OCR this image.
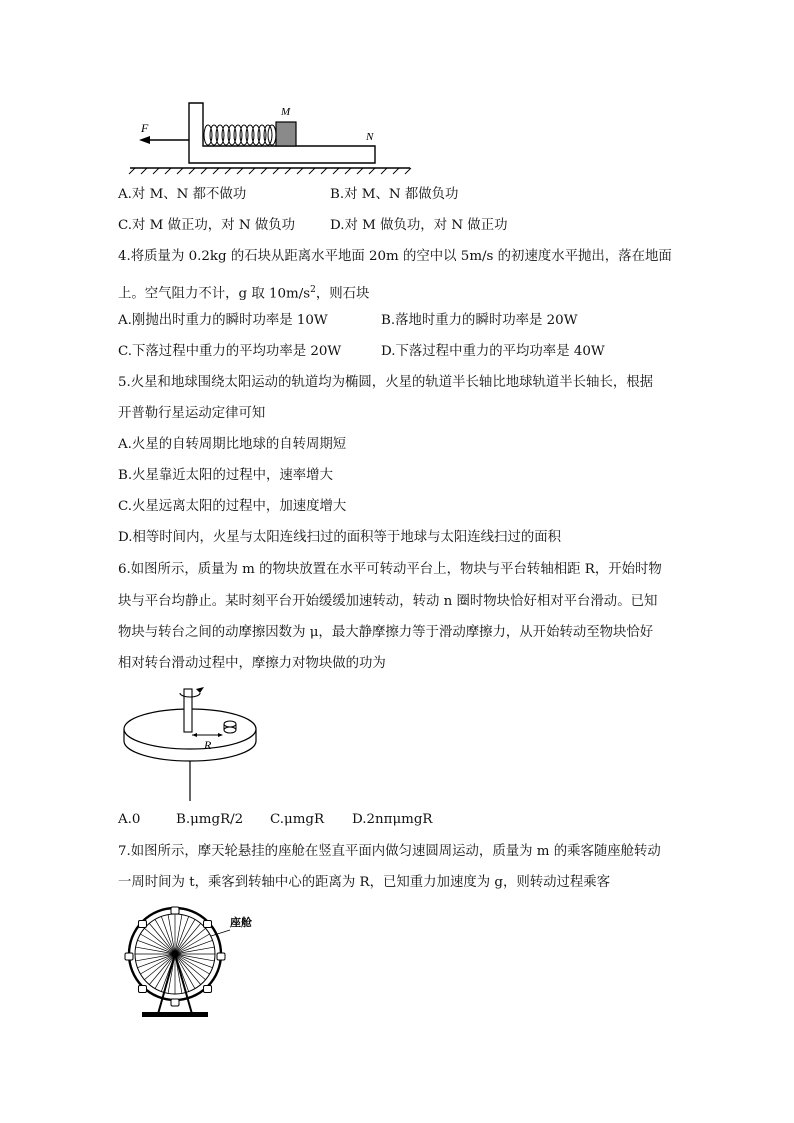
F
M
N
A.对 M、N 都不做功	B.对 M、N 都做负功
C.对 M 做正功，对 N 做负功	D.对 M 做负功，对 N 做正功
4.将质量为 0.2kg 的石块从距离水平地面 20m 的空中以 5m/s 的初速度水平抛出，落在地面
上。空气阻力不计，g 取 $10m/s^2$，则石块
A.刚抛出时重力的瞬时功率是 10W	B.落地时重力的瞬时功率是 20W
C.下落过程中重力的平均功率是 20W	D.下落过程中重力的平均功率是 40W
5.火星和地球围绕太阳运动的轨道均为椭圆，火星的轨道半长轴比地球轨道半长轴长，根据
开普勒行星运动定律可知
A.火星的自转周期比地球的自转周期短
B.火星靠近太阳的过程中，速率增大
C.火星远离太阳的过程中，加速度增大
D.相等时间内，火星与太阳连线扫过的面积等于地球与太阳连线扫过的面积
6.如图所示，质量为 m 的物块放置在水平可转动平台上，物块与平台转轴相距 R，开始时物
块与平台均静止。某时刻平台开始缓缓加速转动，转动 n 圈时物块恰好相对平台滑动。已知
物块与转台之间的动摩擦因数为 μ，最大静摩擦力等于滑动摩擦力，从开始转动至物块恰好
相对转台滑动过程中，摩擦力对物块做的功为
R
A.0	B.μmgR/2 C.μmgR D.2nπμmgR
7.如图所示，摩天轮悬挂的座舱在竖直平面内做匀速圆周运动，质量为 m 的乘客随座舱转动
一周时间为 t，乘客到转轴中心的距离为 R，已知重力加速度为 g，则转动过程乘客
座舱
